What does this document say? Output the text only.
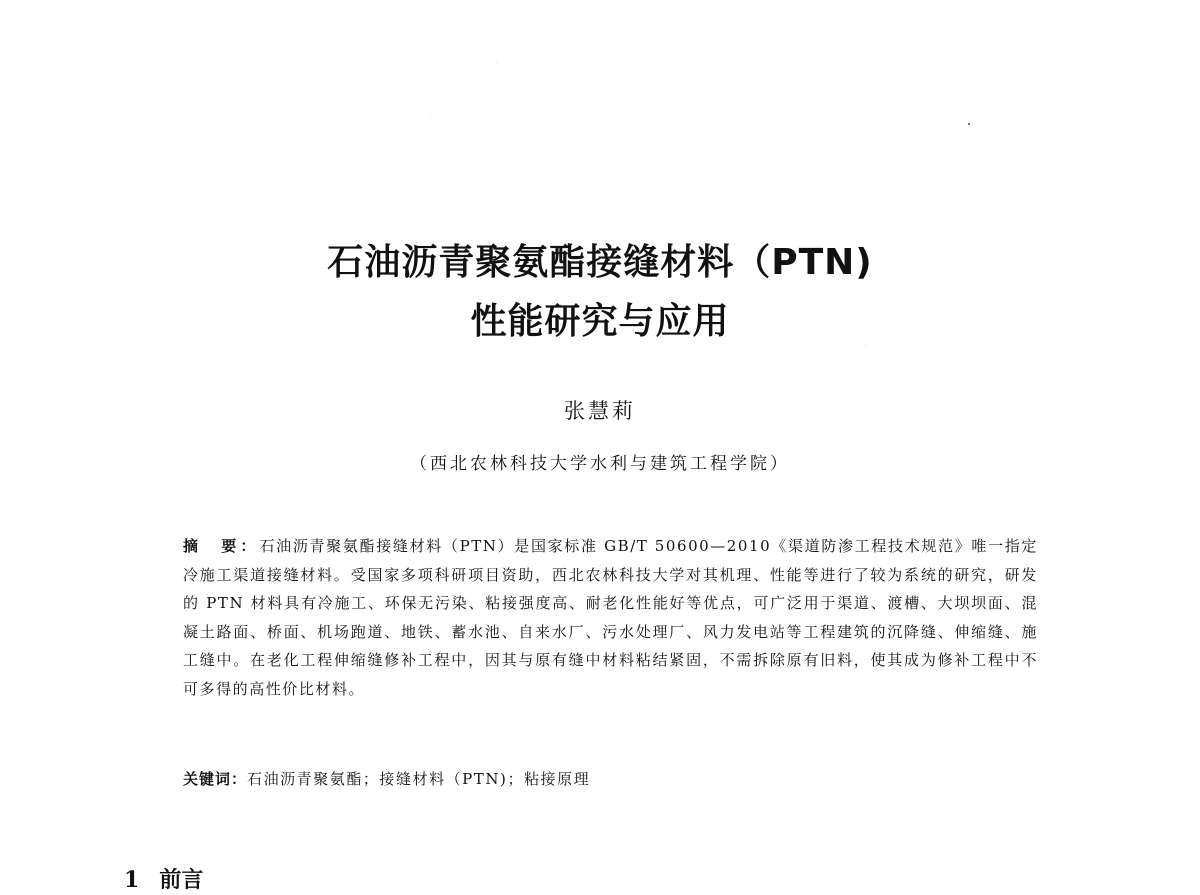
石油沥青聚氨酯接缝材料（PTN)
性能研究与应用
张慧莉
（西北农林科技大学水利与建筑工程学院）
摘　要：石油沥青聚氨酯接缝材料（PTN）是国家标准 GB/T 50600—2010《渠道防渗工程技术规范》唯一指定冷施工渠道接缝材料。受国家多项科研项目资助，西北农林科技大学对其机理、性能等进行了较为系统的研究，研发的 PTN 材料具有冷施工、环保无污染、粘接强度高、耐老化性能好等优点，可广泛用于渠道、渡槽、大坝坝面、混凝土路面、桥面、机场跑道、地铁、蓄水池、自来水厂、污水处理厂、风力发电站等工程建筑的沉降缝、伸缩缝、施工缝中。在老化工程伸缩缝修补工程中，因其与原有缝中材料粘结紧固，不需拆除原有旧料，使其成为修补工程中不可多得的高性价比材料。
关键词：石油沥青聚氨酯；接缝材料（PTN)；粘接原理
1 前言
